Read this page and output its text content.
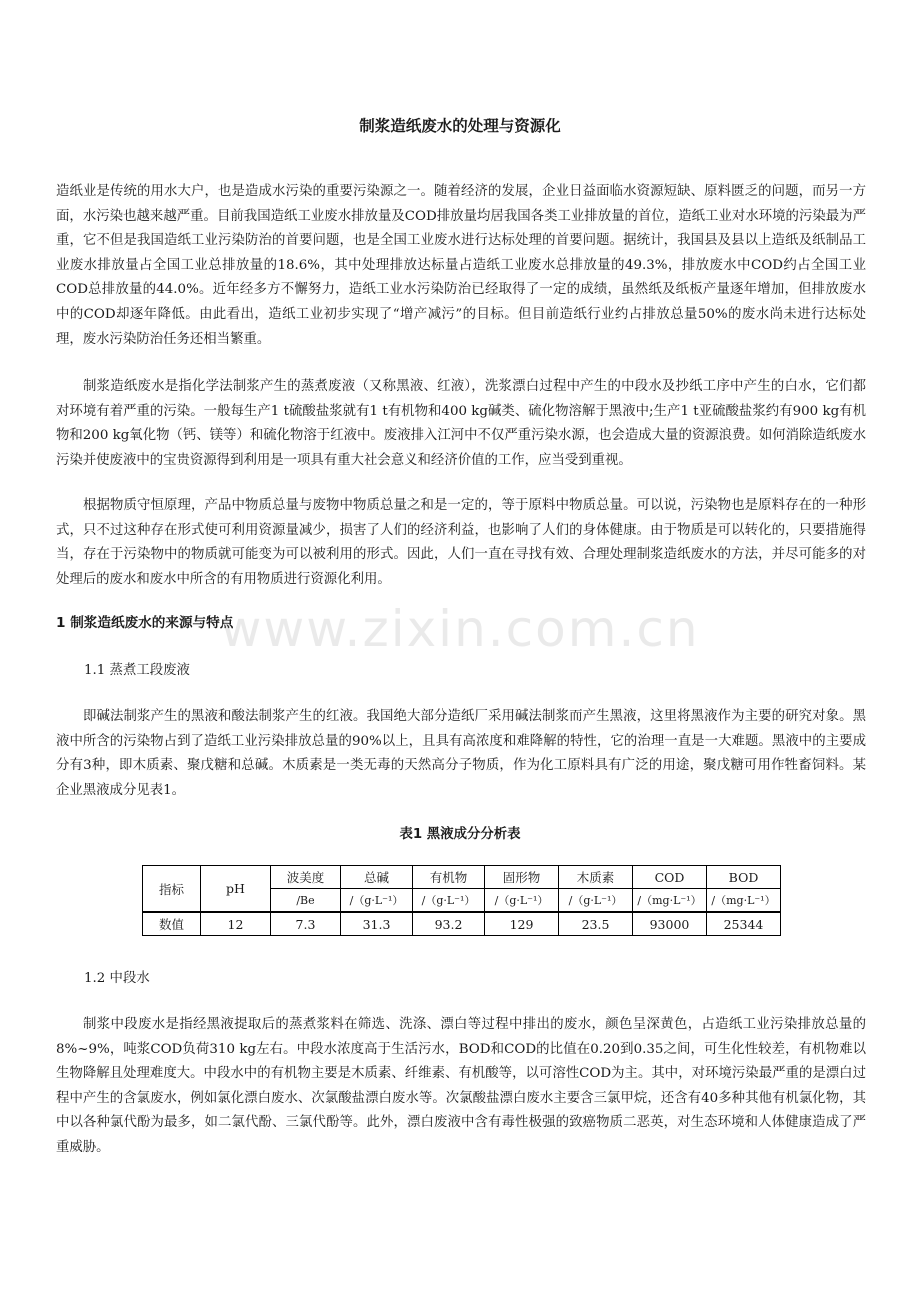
制浆造纸废水的处理与资源化

造纸业是传统的用水大户，也是造成水污染的重要污染源之一。随着经济的发展，企业日益面临水资源短缺、原料匮乏的问题，而另一方面，水污染也越来越严重。目前我国造纸工业废水排放量及COD排放量均居我国各类工业排放量的首位，造纸工业对水环境的污染最为严重，它不但是我国造纸工业污染防治的首要问题，也是全国工业废水进行达标处理的首要问题。据统计，我国县及县以上造纸及纸制品工业废水排放量占全国工业总排放量的18.6%，其中处理排放达标量占造纸工业废水总排放量的49.3%，排放废水中COD约占全国工业COD总排放量的44.0%。近年经多方不懈努力，造纸工业水污染防治已经取得了一定的成绩，虽然纸及纸板产量逐年增加，但排放废水中的COD却逐年降低。由此看出，造纸工业初步实现了“增产减污”的目标。但目前造纸行业约占排放总量50%的废水尚未进行达标处理，废水污染防治任务还相当繁重。

制浆造纸废水是指化学法制浆产生的蒸煮废液（又称黑液、红液），洗浆漂白过程中产生的中段水及抄纸工序中产生的白水，它们都对环境有着严重的污染。一般每生产1 t硫酸盐浆就有1 t有机物和400 kg碱类、硫化物溶解于黑液中;生产1 t亚硫酸盐浆约有900 kg有机物和200 kg氧化物（钙、镁等）和硫化物溶于红液中。废液排入江河中不仅严重污染水源，也会造成大量的资源浪费。如何消除造纸废水污染并使废液中的宝贵资源得到利用是一项具有重大社会意义和经济价值的工作，应当受到重视。

根据物质守恒原理，产品中物质总量与废物中物质总量之和是一定的，等于原料中物质总量。可以说，污染物也是原料存在的一种形式，只不过这种存在形式使可利用资源量减少，损害了人们的经济利益，也影响了人们的身体健康。由于物质是可以转化的，只要措施得当，存在于污染物中的物质就可能变为可以被利用的形式。因此，人们一直在寻找有效、合理处理制浆造纸废水的方法，并尽可能多的对处理后的废水和废水中所含的有用物质进行资源化利用。

1 制浆造纸废水的来源与特点
1.1 蒸煮工段废液

即碱法制浆产生的黑液和酸法制浆产生的红液。我国绝大部分造纸厂采用碱法制浆而产生黑液，这里将黑液作为主要的研究对象。黑液中所含的污染物占到了造纸工业污染排放总量的90%以上，且具有高浓度和难降解的特性，它的治理一直是一大难题。黑液中的主要成分有3种，即木质素、聚戊糖和总碱。木质素是一类无毒的天然高分子物质，作为化工原料具有广泛的用途，聚戊糖可用作牲畜饲料。某企业黑液成分见表1。

表1 黑液成分分析表
指标	pH	波美度	总碱	有机物	固形物	木质素	COD	BOD
		/Be	/（g·L⁻¹）	/（g·L⁻¹）	/（g·L⁻¹）	/（g·L⁻¹）	/（mg·L⁻¹）	/（mg·L⁻¹）
数值	12	7.3	31.3	93.2	129	23.5	93000	25344
1.2 中段水

制浆中段废水是指经黑液提取后的蒸煮浆料在筛选、洗涤、漂白等过程中排出的废水，颜色呈深黄色，占造纸工业污染排放总量的8%~9%，吨浆COD负荷310 kg左右。中段水浓度高于生活污水，BOD和COD的比值在0.20到0.35之间，可生化性较差，有机物难以生物降解且处理难度大。中段水中的有机物主要是木质素、纤维素、有机酸等，以可溶性COD为主。其中，对环境污染最严重的是漂白过程中产生的含氯废水，例如氯化漂白废水、次氯酸盐漂白废水等。次氯酸盐漂白废水主要含三氯甲烷，还含有40多种其他有机氯化物，其中以各种氯代酚为最多，如二氯代酚、三氯代酚等。此外，漂白废液中含有毒性极强的致癌物质二恶英，对生态环境和人体健康造成了严重威胁。

www.zixin.com.cn
